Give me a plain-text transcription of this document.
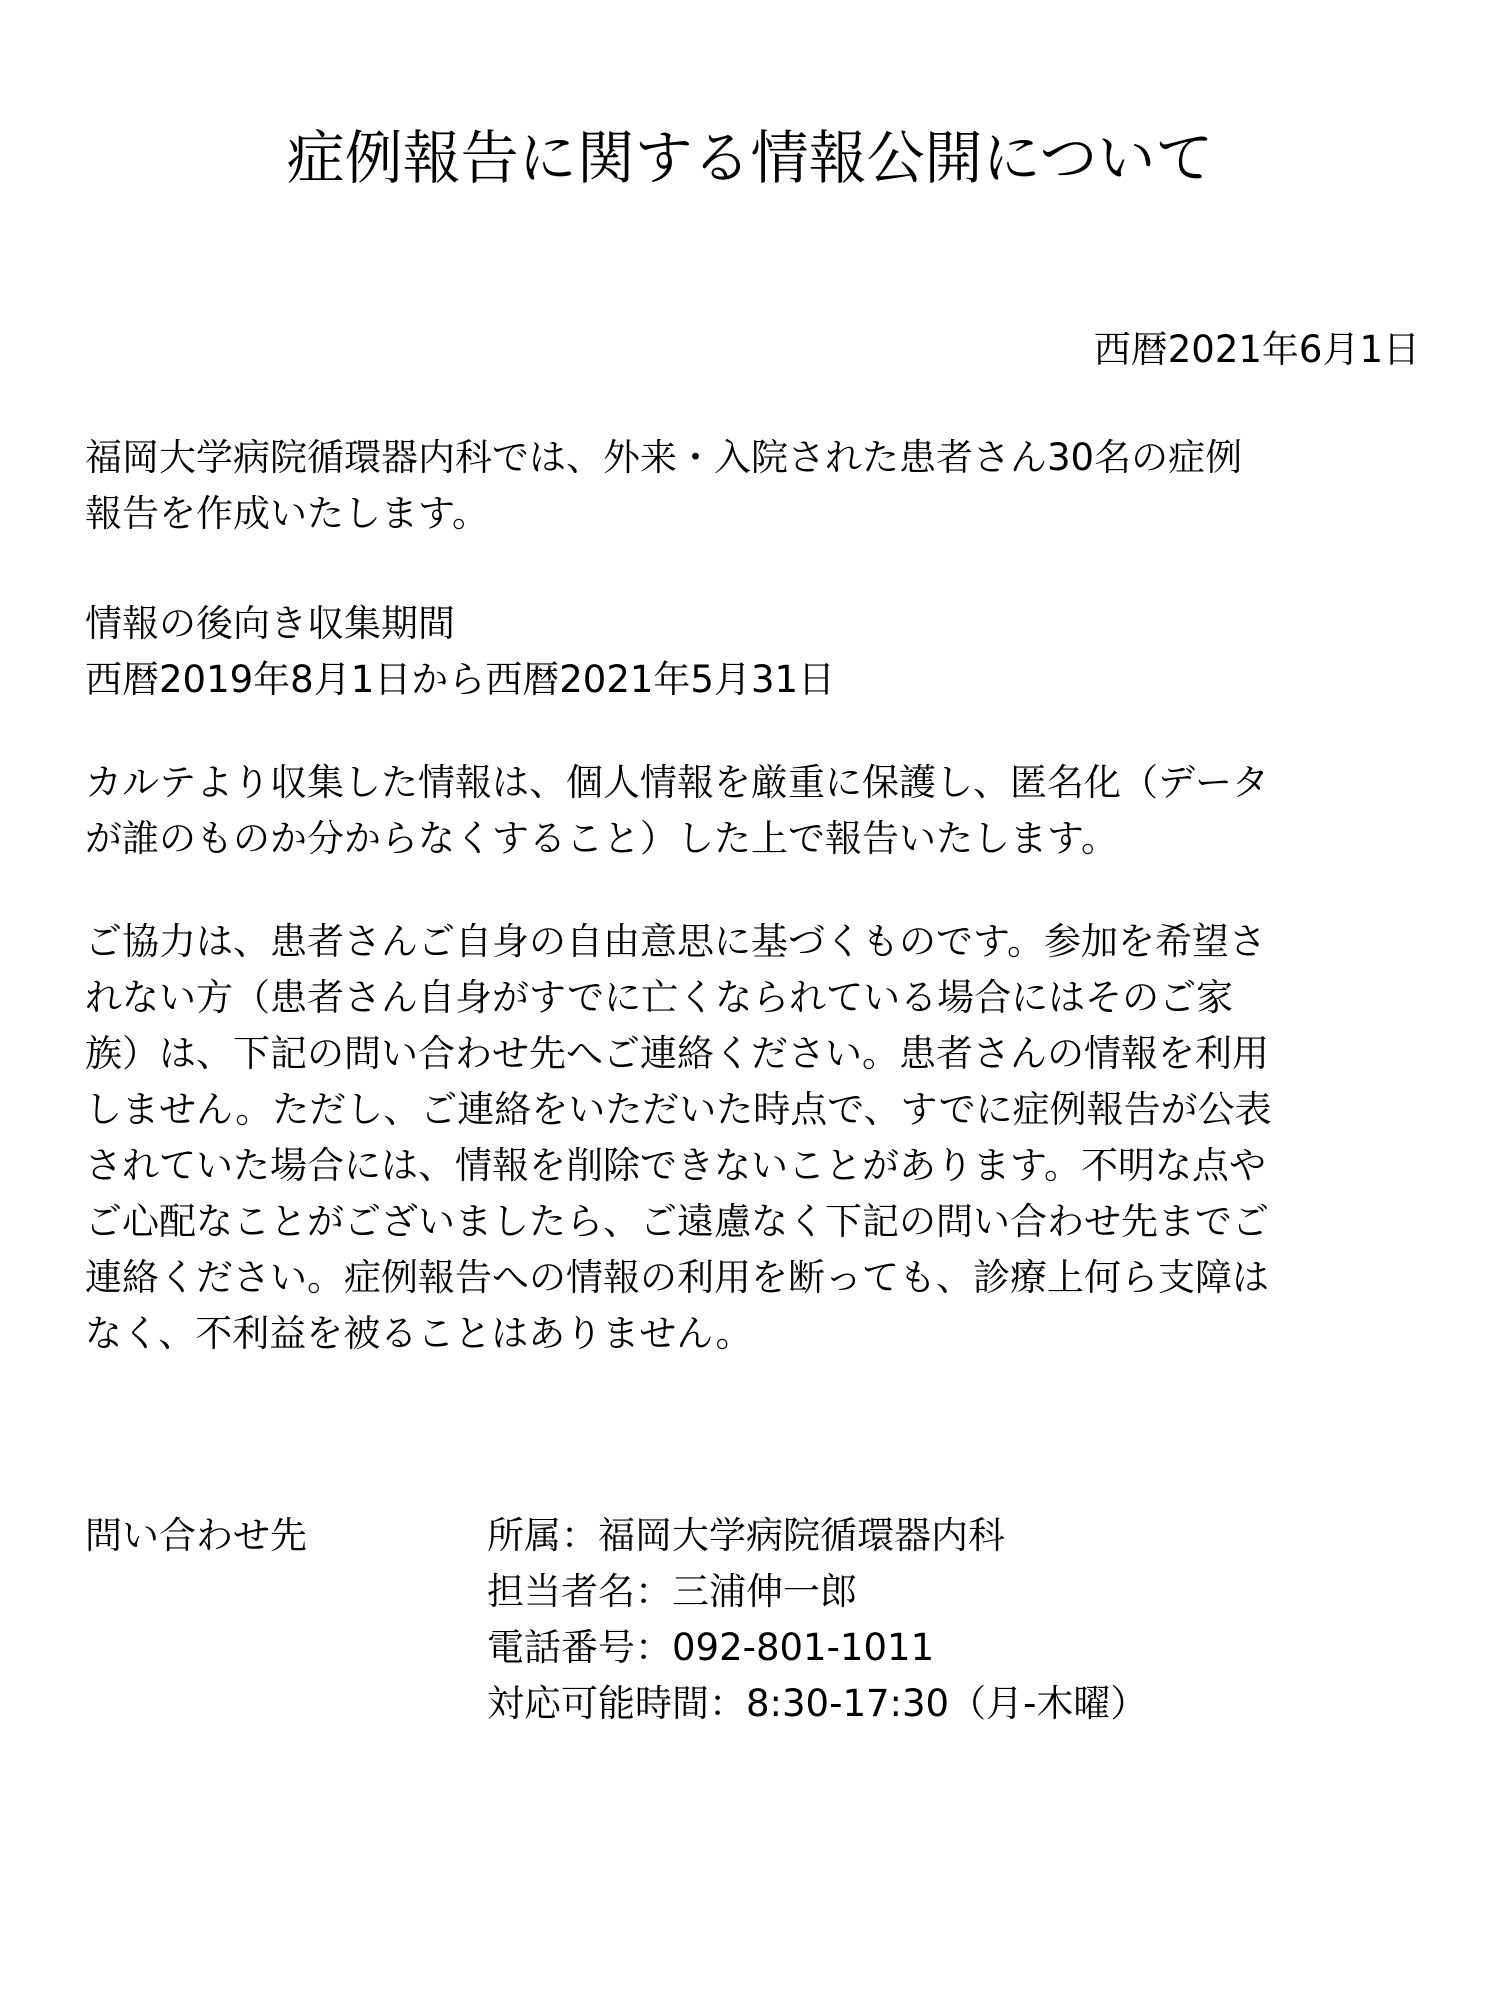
症例報告に関する情報公開について
西暦2021年6月1日
福岡大学病院循環器内科では、外来・入院された患者さん30名の症例
報告を作成いたします。
情報の後向き収集期間
西暦2019年8月1日から西暦2021年5月31日
カルテより収集した情報は、個人情報を厳重に保護し、匿名化（データ
が誰のものか分からなくすること）した上で報告いたします。
ご協力は、患者さんご自身の自由意思に基づくものです。参加を希望さ
れない方（患者さん自身がすでに亡くなられている場合にはそのご家
族）は、下記の問い合わせ先へご連絡ください。患者さんの情報を利用
しません。ただし、ご連絡をいただいた時点で、すでに症例報告が公表
されていた場合には、情報を削除できないことがあります。不明な点や
ご心配なことがございましたら、ご遠慮なく下記の問い合わせ先までご
連絡ください。症例報告への情報の利用を断っても、診療上何ら支障は
なく、不利益を被ることはありません。
問い合わせ先	所属：福岡大学病院循環器内科
担当者名：三浦伸一郎
電話番号：092-801-1011
対応可能時間：8:30-17:30（月-木曜）
